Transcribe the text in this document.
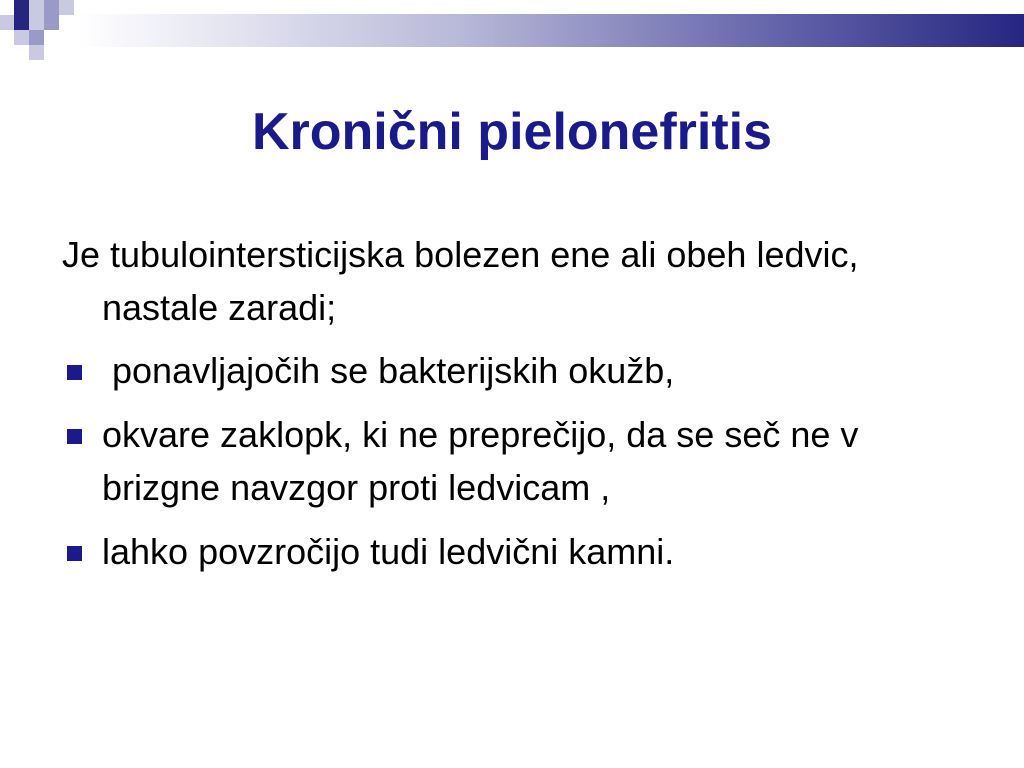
Kronični pielonefritis

Je tubulointersticijska bolezen ene ali obeh ledvic, nastale zaradi;

ponavljajočih se bakterijskih okužb,
okvare zaklopk, ki ne preprečijo, da se seč ne v brizgne navzgor proti ledvicam ,
lahko povzročijo tudi ledvični kamni.
